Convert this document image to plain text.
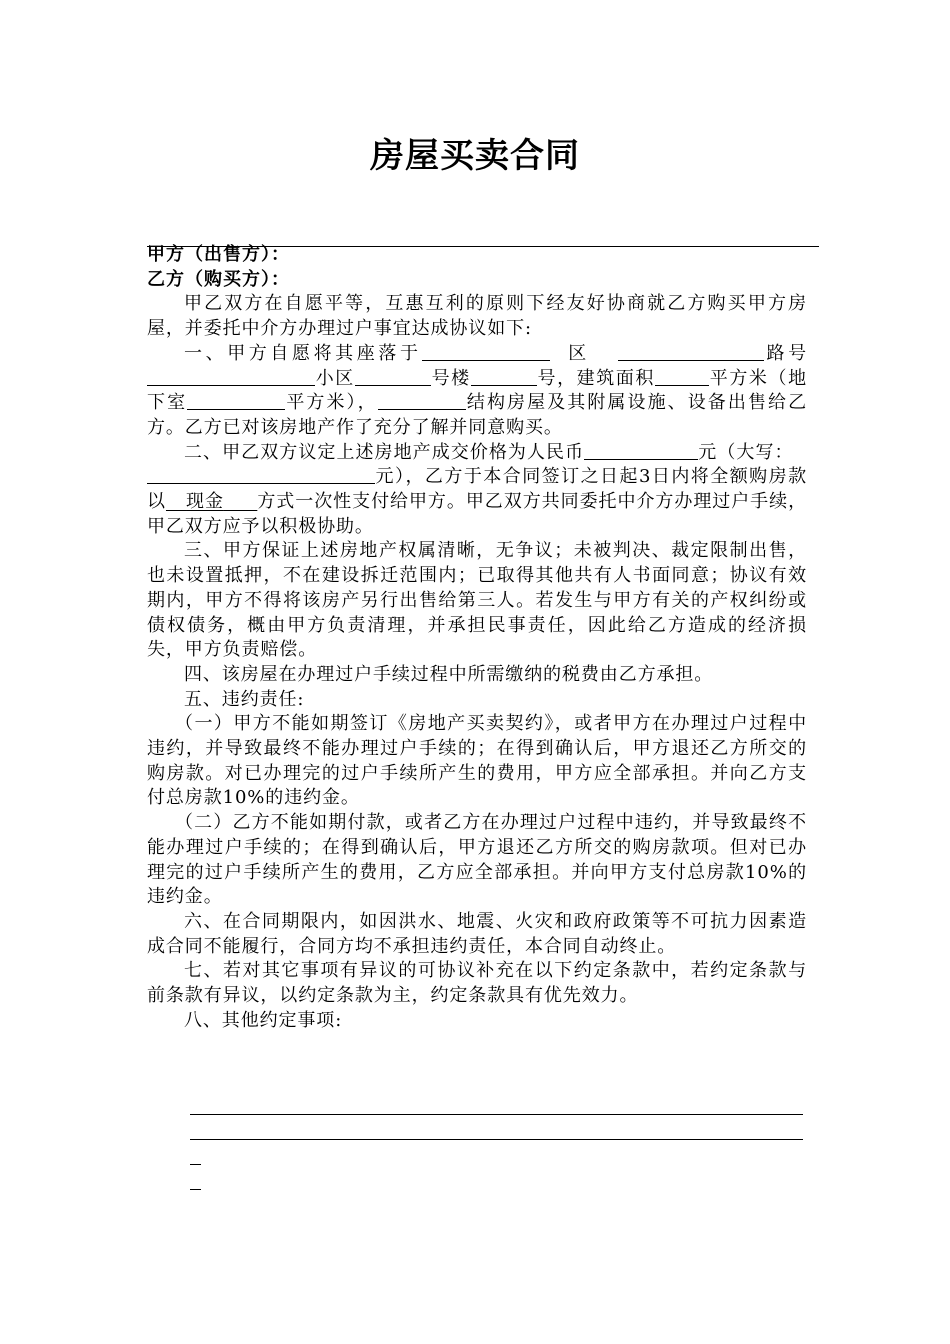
房屋买卖合同

甲方（出售方）：

乙方（购买方）：

甲乙双方在自愿平等，互惠互利的原则下经友好协商就乙方购买甲方房屋，并委托中介方办理过户事宜达成协议如下:

一、甲方自愿将其座落于	区	路号小区	号楼	号，建筑面积	平方米（地下室	平方米），	结构房屋及其附属设施、设备出售给乙方。乙方已对该房地产作了充分了解并同意购买。

二、甲乙双方议定上述房地产成交价格为人民币	元（大写：  元），乙方于本合同签订之日起3日内将全额购房款以 现金 方式一次性支付给甲方。甲乙双方共同委托中介方办理过户手续，甲乙双方应予以积极协助。

三、甲方保证上述房地产权属清晰，无争议；未被判决、裁定限制出售，也未设置抵押，不在建设拆迁范围内；已取得其他共有人书面同意；协议有效期内，甲方不得将该房产另行出售给第三人。若发生与甲方有关的产权纠纷或债权债务，概由甲方负责清理，并承担民事责任，因此给乙方造成的经济损失，甲方负责赔偿。

四、该房屋在办理过户手续过程中所需缴纳的税费由乙方承担。

五、违约责任:

（一）甲方不能如期签订《房地产买卖契约》，或者甲方在办理过户过程中违约，并导致最终不能办理过户手续的；在得到确认后，甲方退还乙方所交的购房款。对已办理完的过户手续所产生的费用，甲方应全部承担。并向乙方支付总房款10%的违约金。

（二）乙方不能如期付款，或者乙方在办理过户过程中违约，并导致最终不能办理过户手续的；在得到确认后，甲方退还乙方所交的购房款项。但对已办理完的过户手续所产生的费用，乙方应全部承担。并向甲方支付总房款10%的违约金。

六、在合同期限内，如因洪水、地震、火灾和政府政策等不可抗力因素造成合同不能履行，合同方均不承担违约责任，本合同自动终止。

七、若对其它事项有异议的可协议补充在以下约定条款中，若约定条款与前条款有异议，以约定条款为主，约定条款具有优先效力。

八、其他约定事项:
